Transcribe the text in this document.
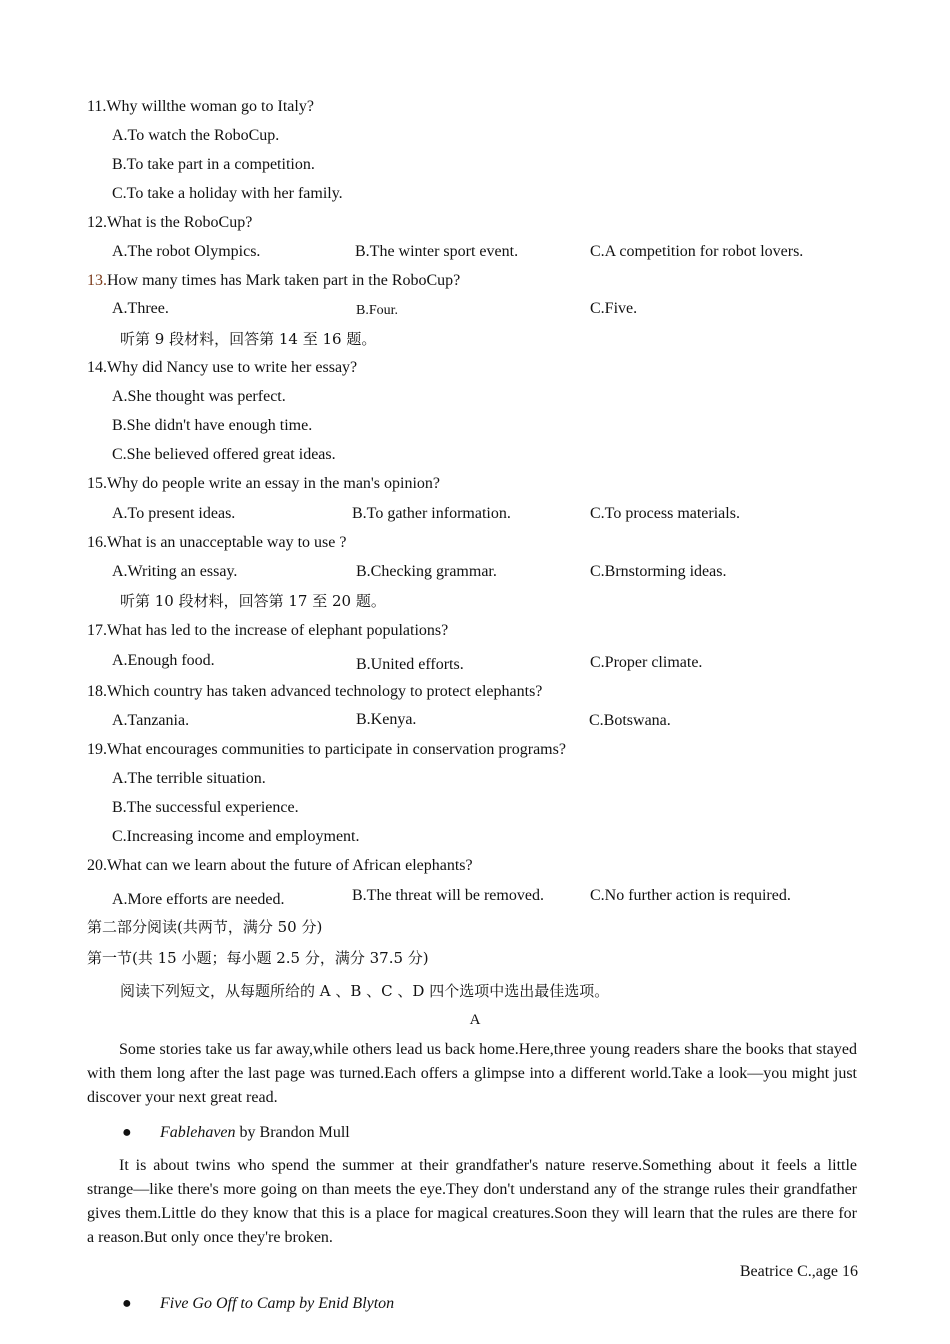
11.Why willthe woman go to Italy?
A.To watch the RoboCup.
B.To take part in a competition.
C.To take a holiday with her family.
12.What is the RoboCup?
A.The robot Olympics.	B.The winter sport event.	C.A competition for robot lovers.
13.How many times has Mark taken part in the RoboCup?
A.Three.	B.Four.	C.Five.
听第 9 段材料，回答第 14 至 16 题。
14.Why did Nancy use to write her essay?
A.She thought was perfect.
B.She didn't have enough time.
C.She believed offered great ideas.
15.Why do people write an essay in the man's opinion?
A.To present ideas.	B.To gather information.	C.To process materials.
16.What is an unacceptable way to use ?
A.Writing an essay.	B.Checking grammar.	C.Brnstorming ideas.
听第 10 段材料，回答第 17 至 20 题。
17.What has led to the increase of elephant populations?
A.Enough food.	B.United efforts.	C.Proper climate.
18.Which country has taken advanced technology to protect elephants?
A.Tanzania.	B.Kenya.	C.Botswana.
19.What encourages communities to participate in conservation programs?
A.The terrible situation.
B.The successful experience.
C.Increasing income and employment.
20.What can we learn about the future of African elephants?
A.More efforts are needed.	B.The threat will be removed.	C.No further action is required.
第二部分阅读(共两节，满分 50 分)
第一节(共 15 小题；每小题 2.5 分，满分 37.5 分)
阅读下列短文，从每题所给的 A 、B 、C 、D 四个选项中选出最佳选项。
A
Some stories take us far away,while others lead us back home.Here,three young readers share the books that stayed with them long after the last page was turned.Each offers a glimpse into a different world.Take a look—you might just discover your next great read.
● Fablehaven by Brandon Mull
It is about twins who spend the summer at their grandfather's nature reserve.Something about it feels a little strange—like there's more going on than meets the eye.They don't understand any of the strange rules their grandfather gives them.Little do they know that this is a place for magical creatures.Soon they will learn that the rules are there for a reason.But only once they're broken.
Beatrice C.,age 16
● Five Go Off to Camp by Enid Blyton
